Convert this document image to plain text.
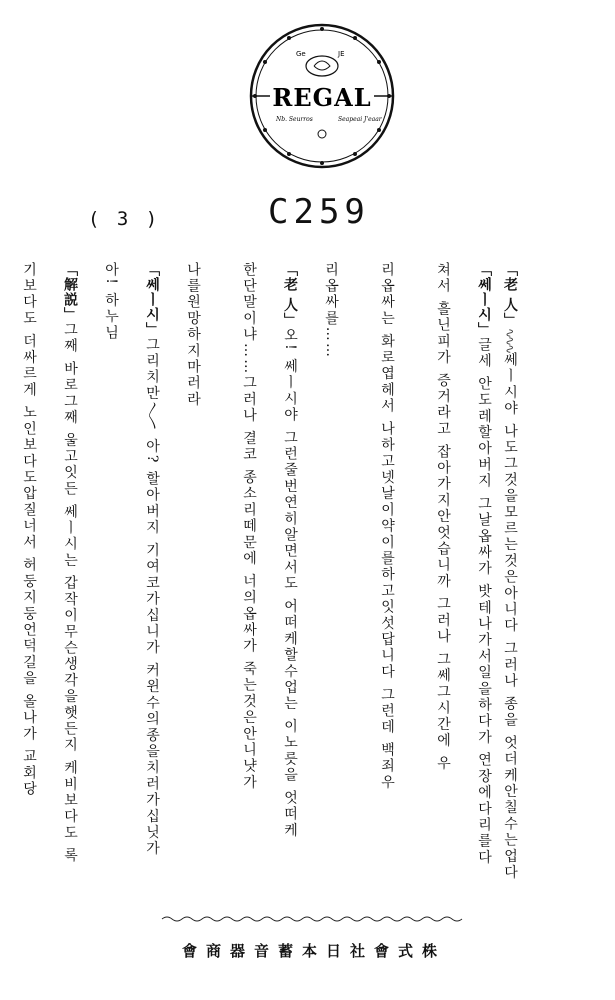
Ge	JE
REGAL
Nb. Seurros	Seapeai J'eaar
( 3 )	C259
「老 人」∿∿∿쎄ㅣ시야 나도그것을모르는것은아니다 그러나 종을 엇더케안칠수는업다
「쎄ㅣ시」글세 안도레할아버지 그날옵싸가 밧테나가서일을하다가 연장에다리를다
쳐서 흘닌피가 증거라고 잡아가지안엇습니까 그러나 그쎄그시간에 우
리옵싸는 화로엽헤서 나하고넷날이약이를하고잇섯답니다 그런데 백죄우
리옵싸를……
「老 人」오! 쎄ㅣ시야 그런줄번연히알면서도 어떠케할수업는 이노릇을 엇떠케
한단말이냐……그러나 결코 종소리떼문에 너의옵싸가 죽는것은안니냣가
나를원망하지마러라
「쎄ㅣ시」그리치만〳〵 아? 할아버지 기여코가십니가 커윈수의종을치러가십닛가
아! 하누님
「解説」그째 바로그째 울고잇든 쎄ㅣ시는 갑작이무슨생각을햇든지 케비보다도 록
기보다도 더싸르게 노인보다도압질너서 허둥지둥언덕길을 올나가 교회당
會商器音蓄本日社會式株
